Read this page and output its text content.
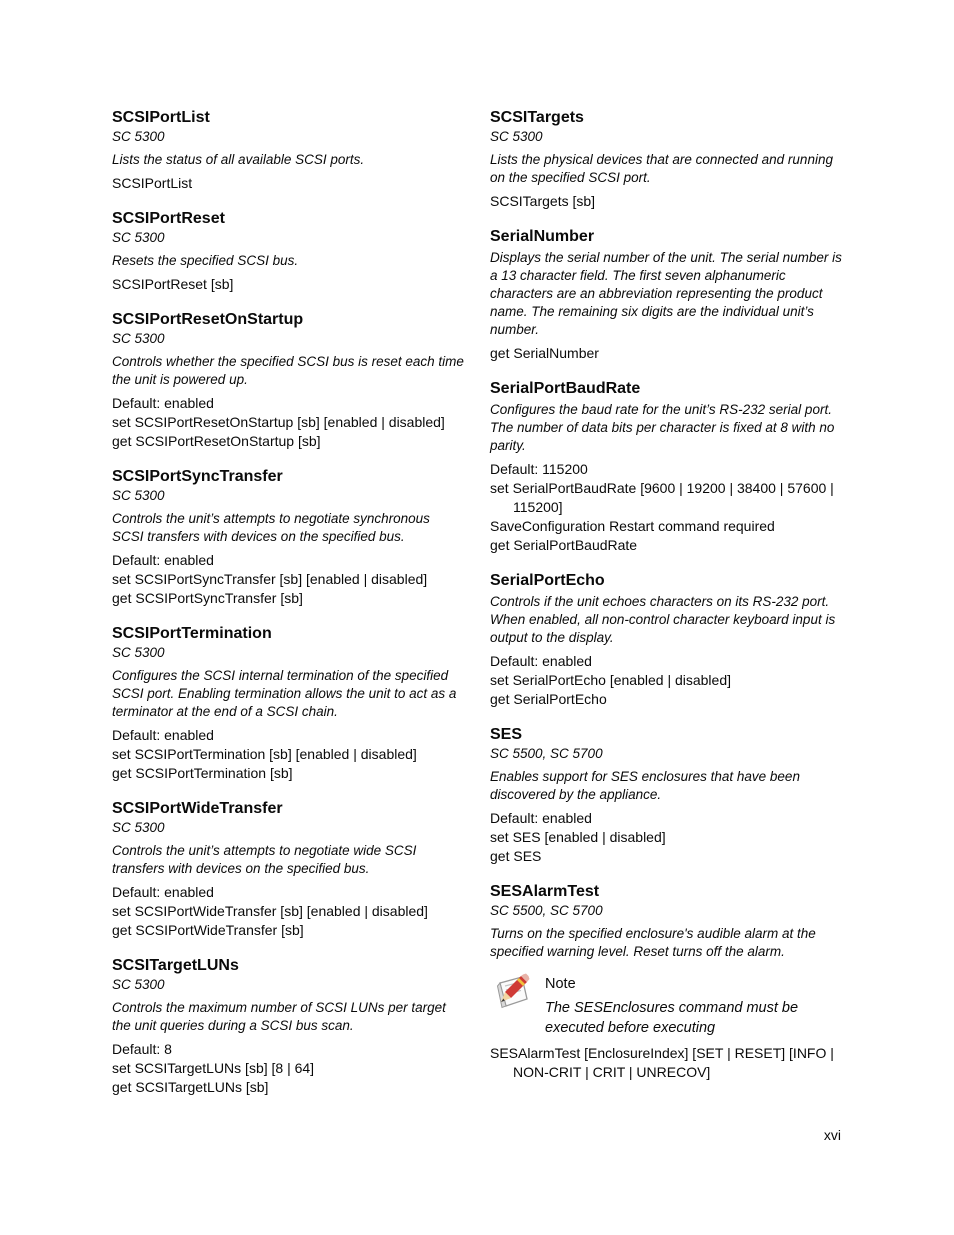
SCSIPortList
SC 5300

Lists the status of all available SCSI ports.

SCSIPortList
SCSIPortReset
SC 5300

Resets the specified SCSI bus.

SCSIPortReset [sb]
SCSIPortResetOnStartup
SC 5300

Controls whether the specified SCSI bus is reset each time the unit is powered up.

Default: enabled
set SCSIPortResetOnStartup [sb] [enabled | disabled]
get SCSIPortResetOnStartup [sb]
SCSIPortSyncTransfer
SC 5300

Controls the unit’s attempts to negotiate synchronous SCSI transfers with devices on the specified bus.

Default: enabled
set SCSIPortSyncTransfer [sb] [enabled | disabled]
get SCSIPortSyncTransfer [sb]
SCSIPortTermination
SC 5300

Configures the SCSI internal termination of the specified SCSI port. Enabling termination allows the unit to act as a terminator at the end of a SCSI chain.

Default: enabled
set SCSIPortTermination [sb] [enabled | disabled]
get SCSIPortTermination [sb]
SCSIPortWideTransfer
SC 5300

Controls the unit’s attempts to negotiate wide SCSI transfers with devices on the specified bus.

Default: enabled
set SCSIPortWideTransfer [sb] [enabled | disabled]
get SCSIPortWideTransfer [sb]
SCSITargetLUNs
SC 5300

Controls the maximum number of SCSI LUNs per target the unit queries during a SCSI bus scan.

Default: 8
set SCSITargetLUNs [sb] [8 | 64]
get SCSITargetLUNs [sb]
SCSITargets
SC 5300

Lists the physical devices that are connected and running on the specified SCSI port.

SCSITargets [sb]
SerialNumber

Displays the serial number of the unit. The serial number is a 13 character field. The first seven alphanumeric characters are an abbreviation representing the product name. The remaining six digits are the individual unit’s number.

get SerialNumber
SerialPortBaudRate

Configures the baud rate for the unit’s RS-232 serial port. The number of data bits per character is fixed at 8 with no parity.

Default: 115200
set SerialPortBaudRate [9600 | 19200 | 38400 | 57600 |
115200]
SaveConfiguration Restart command required
get SerialPortBaudRate
SerialPortEcho

Controls if the unit echoes characters on its RS-232 port. When enabled, all non-control character keyboard input is output to the display.

Default: enabled
set SerialPortEcho [enabled | disabled]
get SerialPortEcho
SES
SC 5500, SC 5700

Enables support for SES enclosures that have been discovered by the appliance.

Default: enabled
set SES [enabled | disabled]
get SES
SESAlarmTest
SC 5500, SC 5700

Turns on the specified enclosure's audible alarm at the specified warning level. Reset turns off the alarm.

Note
The SESEnclosures command must be executed before executing
SESAlarmTest [EnclosureIndex] [SET | RESET] [INFO |
NON-CRIT | CRIT | UNRECOV]
xvi
